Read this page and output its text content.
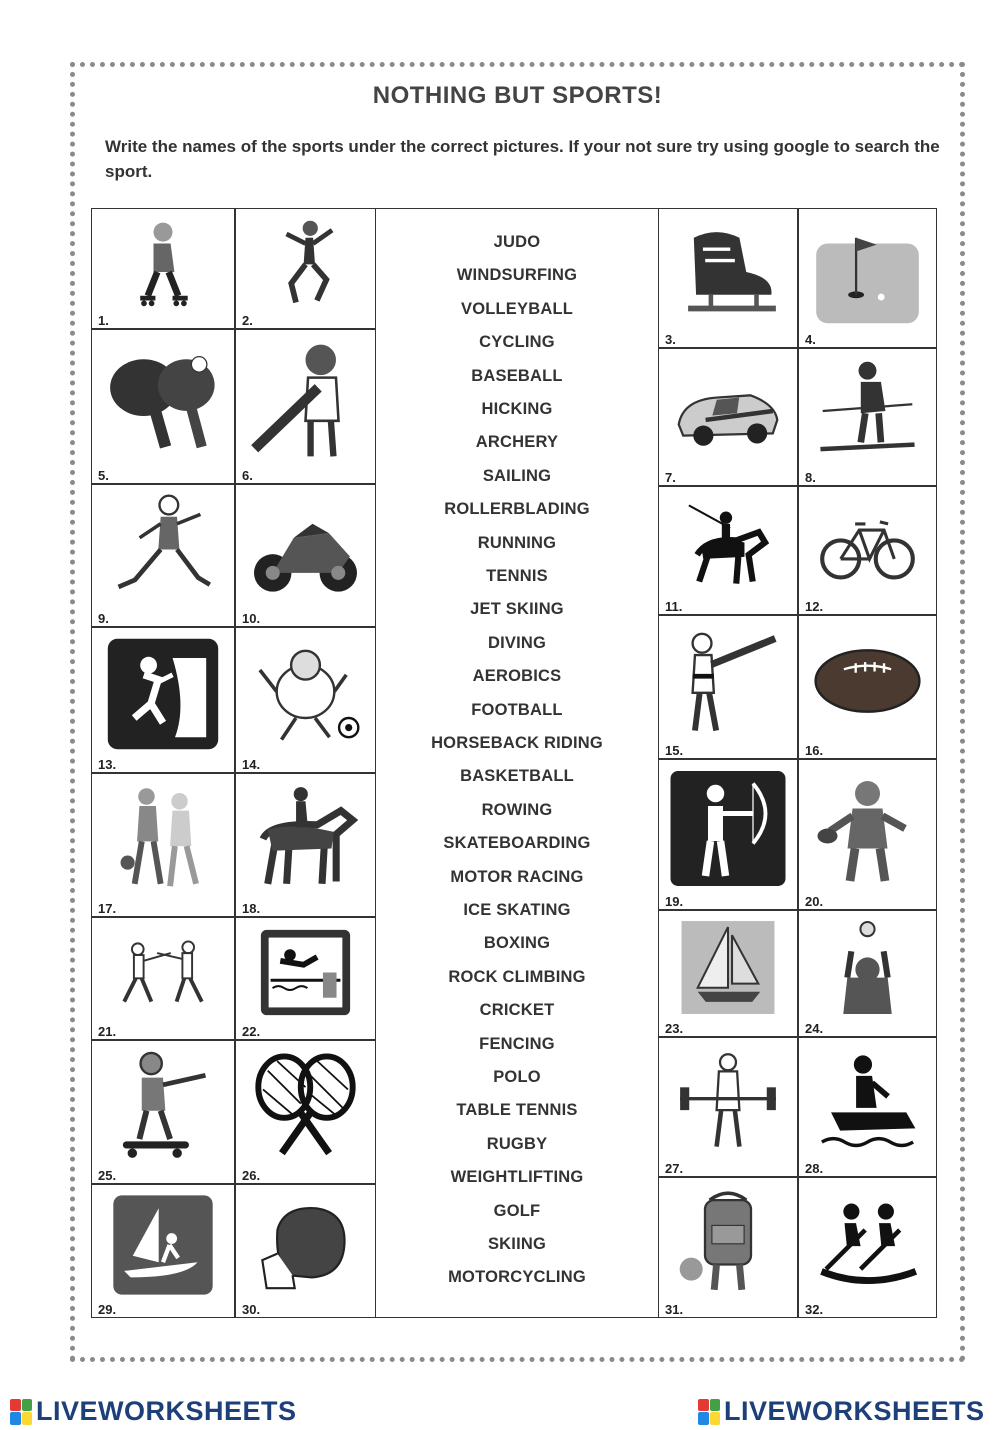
NOTHING BUT SPORTS!
Write the names of the sports under the correct pictures. If your not sure try using google to search the sport.
1.	2.
3.	4.
5.	6.	7.	8.
9.	10.
11.	12.
13.	14.
15.	16.
17.	18.	19.	20.
21.	22.	23.	24.
25.	26.	27.	28.
29.	30.	31.	32.
JUDO
WINDSURFING
VOLLEYBALL
CYCLING
BASEBALL
HICKING
ARCHERY
SAILING
ROLLERBLADING
RUNNING
TENNIS
JET SKIING
DIVING
AEROBICS
FOOTBALL
HORSEBACK RIDING
BASKETBALL
ROWING
SKATEBOARDING
MOTOR RACING
ICE SKATING
BOXING
ROCK CLIMBING
CRICKET
FENCING
POLO
TABLE TENNIS
RUGBY
WEIGHTLIFTING
GOLF
SKIING
MOTORCYCLING
LIVEWORKSHEETS	LIVEWORKSHEETS
